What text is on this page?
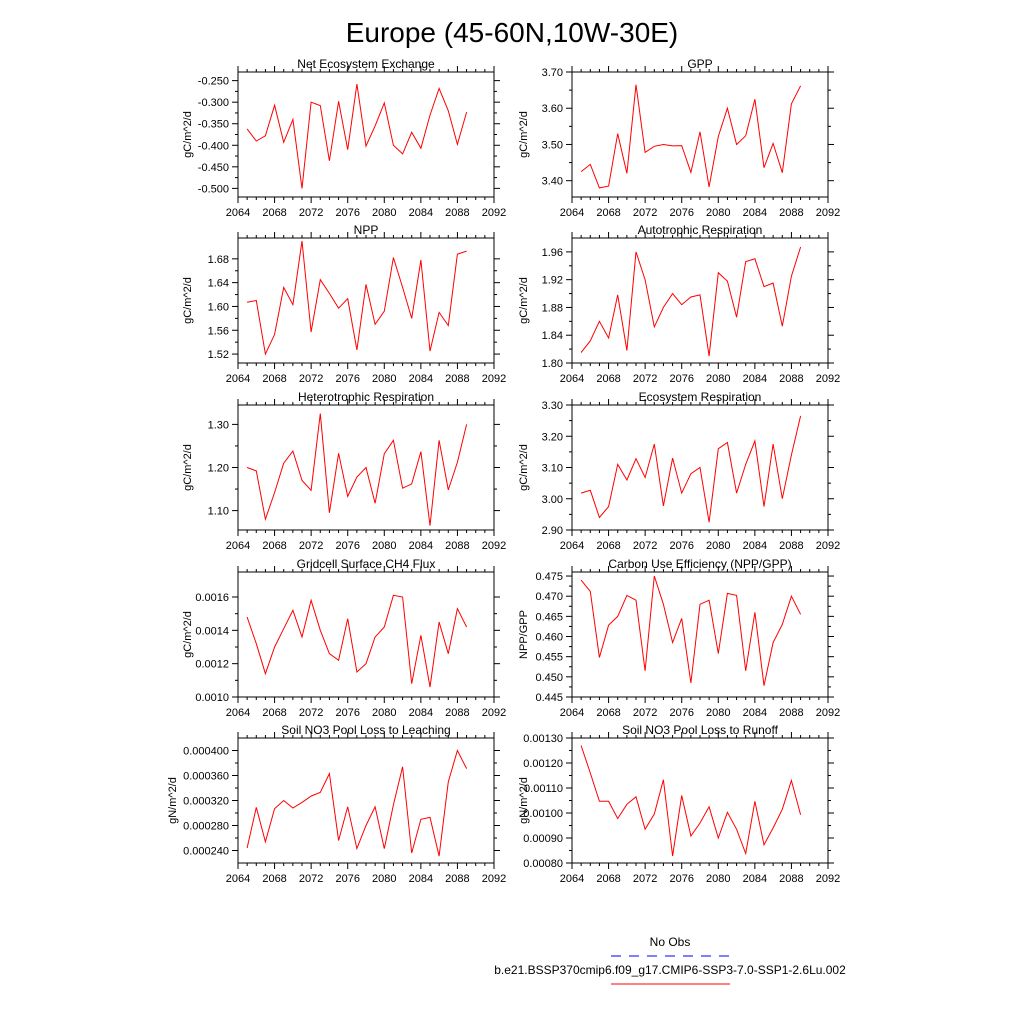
Europe (45-60N,10W-30E)
Net Ecosystem Exchange
2064 2068 2072 2076 2080 2084 2088 2092
-0.250
-0.300
-0.350
-0.400
-0.450
-0.500
gC/m^2/d
GPP
2064 2068 2072 2076 2080 2084 2088 2092
3.40
3.50
3.60
3.70
gC/m^2/d
NPP
2064 2068 2072 2076 2080 2084 2088 2092
1.52
1.56
1.60
1.64
1.68
gC/m^2/d
Autotrophic Respiration
2064 2068 2072 2076 2080 2084 2088 2092
1.80
1.84
1.88
1.92
1.96
gC/m^2/d
Heterotrophic Respiration
2064 2068 2072 2076 2080 2084 2088 2092
1.10
1.20
1.30
gC/m^2/d
Ecosystem Respiration
2064 2068 2072 2076 2080 2084 2088 2092
2.90
3.00
3.10
3.20
3.30
gC/m^2/d
Gridcell Surface CH4 Flux
2064 2068 2072 2076 2080 2084 2088 2092
0.0010
0.0012
0.0014
0.0016
gC/m^2/d
Carbon Use Efficiency (NPP/GPP)
2064 2068 2072 2076 2080 2084 2088 2092
0.445
0.450
0.455
0.460
0.465
0.470
0.475
NPP/GPP
Soil NO3 Pool Loss to Leaching
2064 2068 2072 2076 2080 2084 2088 2092
0.000240
0.000280
0.000320
0.000360
0.000400
gN/m^2/d
Soil NO3 Pool Loss to Runoff
2064 2068 2072 2076 2080 2084 2088 2092
0.00080
0.00090
0.00100
0.00110
0.00120
0.00130
gN/m^2/d
No Obs
b.e21.BSSP370cmip6.f09_g17.CMIP6-SSP3-7.0-SSP1-2.6Lu.002
